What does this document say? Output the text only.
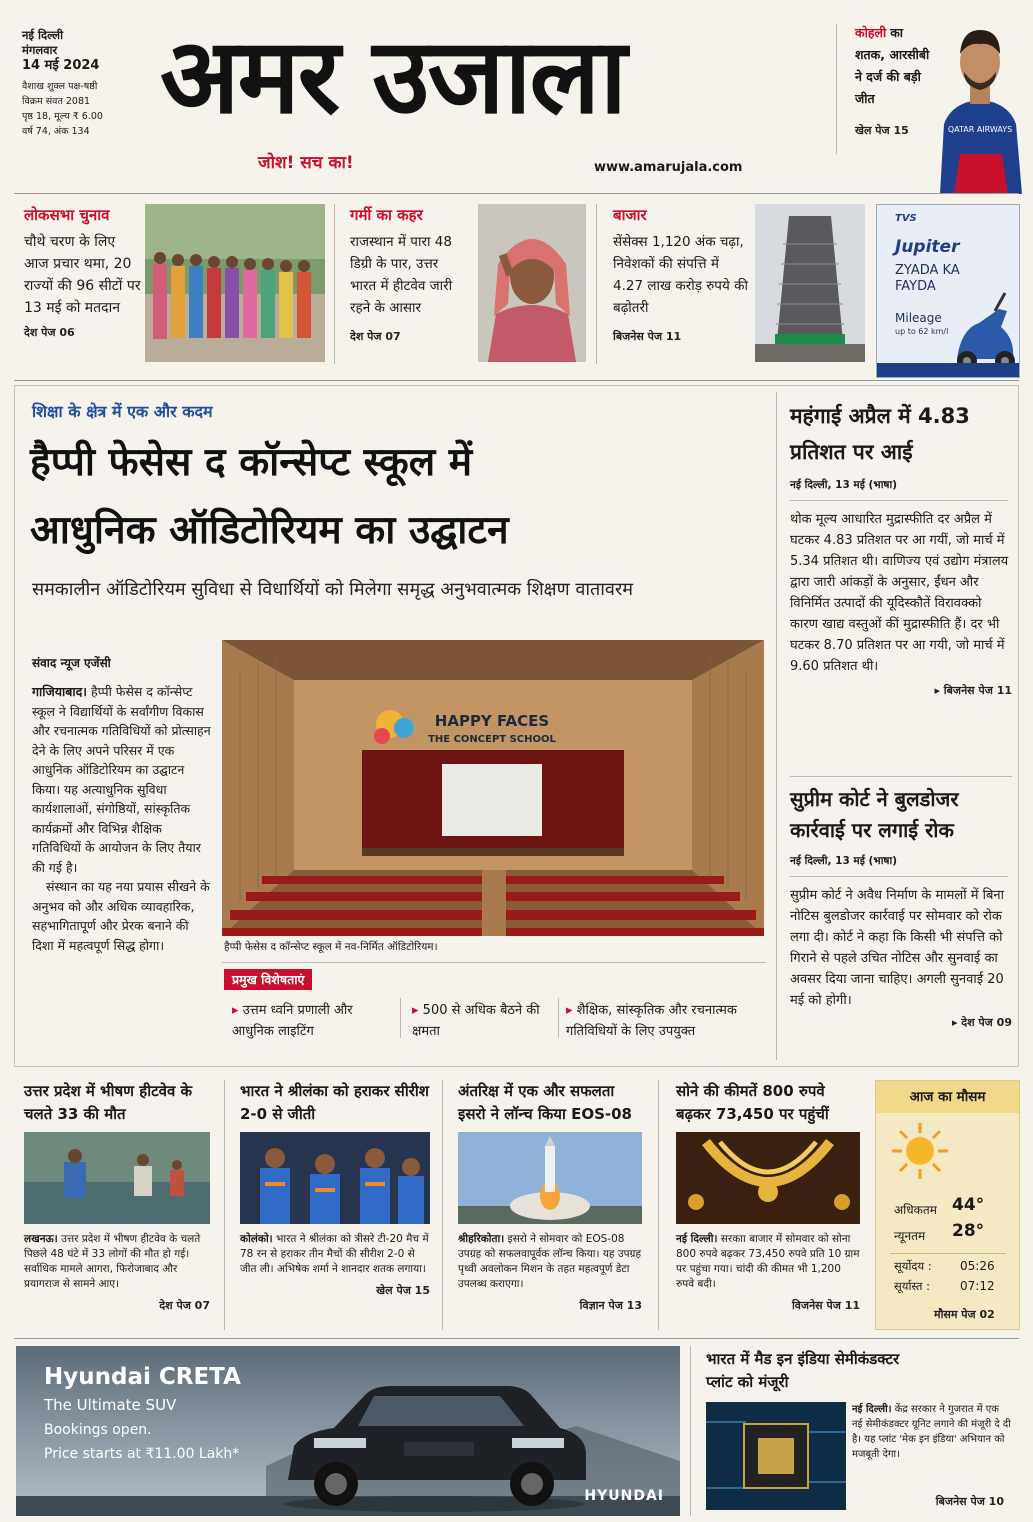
नई दिल्ली
मंगलवार
14 मई 2024
वैशाख शुक्ल पक्ष-षष्ठी
विक्रम संवत 2081
पृष्ठ 18, मूल्य ₹ 6.00
वर्ष 74, अंक 134 अमर उजाला
जोश! सच का!	www.amarujala.com
कोहली का शतक, आरसीबी ने दर्ज की बड़ी जीत
खेल पेज 15	QATAR AIRWAYS
लोकसभा चुनाव
चौथे चरण के लिए आज प्रचार थमा, 20 राज्यों की 96 सीटों पर 13 मई को मतदान
देश पेज 06
गर्मी का कहर
राजस्थान में पारा 48 डिग्री के पार, उत्तर भारत में हीटवेव जारी रहने के आसार
देश पेज 07
बाजार
सेंसेक्स 1,120 अंक चढ़ा, निवेशकों की संपत्ति में 4.27 लाख करोड़ रुपये की बढ़ोतरी
बिजनेस पेज 11
TVS
Jupiter
ZYADA KA
FAYDA
Mileage
up to 62 km/l
शिक्षा के क्षेत्र में एक और कदम
हैप्पी फेसेस द कॉन्सेप्ट स्कूल में
आधुनिक ऑडिटोरियम का उद्घाटन
समकालीन ऑडिटोरियम सुविधा से विधार्थियों को मिलेगा समृद्ध अनुभवात्मक शिक्षण वातावरम
संवाद न्यूज एजेंसी
गाजियाबाद। हैप्पी फेसेस द कॉन्सेप्ट स्कूल ने विद्यार्थियों के सर्वांगीण विकास और रचनात्मक गतिविधियों को प्रोत्साहन देने के लिए अपने परिसर में एक आधुनिक ऑडिटोरियम का उद्घाटन किया। यह अत्याधुनिक सुविधा कार्यशालाओं, संगोष्ठियों, सांस्कृतिक कार्यक्रमों और विभिन्न शैक्षिक गतिविधियों के आयोजन के लिए तैयार की गई है।
संस्थान का यह नया प्रयास सीखने के अनुभव को और अधिक व्यावहारिक, सहभागितापूर्ण और प्रेरक बनाने की दिशा में महत्वपूर्ण सिद्ध होगा।
HAPPY FACES
THE CONCEPT SCHOOL
हैप्पी फेसेस द कॉन्सेप्ट स्कूल में नव-निर्मित ऑडिटोरियम।
प्रमुख विशेषताएं
▸ उत्तम ध्वनि प्रणाली और आधुनिक लाइटिंग
▸ 500 से अधिक बैठने की क्षमता
▸ शैक्षिक, सांस्कृतिक और रचनात्मक गतिविधियों के लिए उपयुक्त
महंगाई अप्रैल में 4.83 प्रतिशत पर आई
नई दिल्ली, 13 मई (भाषा)
थोक मूल्य आधारित मुद्रास्फीति दर अप्रैल में घटकर 4.83 प्रतिशत पर आ गयीं, जो मार्च में 5.34 प्रतिशत थी। वाणिज्य एवं उद्योग मंत्रालय द्वारा जारी आंकड़ों के अनुसार, ईंधन और विनिर्मित उत्पादों की यूदिस्कौतें विरावक्को कारण खाद्य वस्तुओं कीं मुद्रास्फीति हैं। दर भी घटकर 8.70 प्रतिशत पर आ गयी, जो मार्च में 9.60 प्रतिशत थी।
▸ बिजनेस पेज 11
सुप्रीम कोर्ट ने बुलडोजर कार्रवाई पर लगाई रोक
नई दिल्ली, 13 मई (भाषा)
सुप्रीम कोर्ट ने अवैध निर्माण के मामलों में बिना नोटिस बुलडोजर कार्रवाई पर सोमवार को रोक लगा दी। कोर्ट ने कहा कि किसी भी संपत्ति को गिराने से पहले उचित नोटिस और सुनवाई का अवसर दिया जाना चाहिए। अगली सुनवाई 20 मई को होगी।
▸ देश पेज 09
उत्तर प्रदेश में भीषण हीटवेव के चलते 33 की मौत
लखनऊ। उत्तर प्रदेश में भीषण हीटवेव के चलते पिछले 48 घंटे में 33 लोगों की मौत हो गई। सर्वाधिक मामले आगरा, फिरोजाबाद और प्रयागराज से सामने आए।
देश पेज 07
भारत ने श्रीलंका को हराकर सीरीश 2-0 से जीती
कोलंको। भारत ने श्रीलंका को त्रीसरे टी-20 मैच में 78 रन से हराकर तीन मैचों की सीरीश 2-0 से जीत ली। अभिषेक शर्मा ने शानदार शतक लगाया।
खेल पेज 15
अंतरिक्ष में एक और सफलता इसरो ने लॉन्च किया EOS-08
श्रीहरिकोता। इसरो ने सोमवार को EOS-08 उपग्रह को सफलवापूर्वक लॉन्च किया। यह उपग्रह पृथ्वी अवलोकन मिशन के तहत महत्वपूर्ण डेटा उपलब्ध कराएगा।
विज्ञान पेज 13
सोने की कीमतें 800 रुपवे बढ़कर 73,450 पर पहुंचीं
नई दिल्ली। सरकाा बाजार में सोमवार को सोना 800 रुपवे बढ़कर 73,450 रुपवे प्रति 10 ग्राम पर पहुंचा गया। चांदी की कीमत भी 1,200 रुपवे बदी।
विजनेस पेज 11
आज का मौसम
अधिकतम 44°
न्यूनतम 28°
सूर्योदय : 05:26
सूर्यास्त :	07:12
मौसम पेज 02
Hyundai CRETA
The Ultimate SUV
Bookings open.
Price starts at ₹11.00 Lakh*
HYUNDAI
भारत में मैड इन इंडिया सेमीकंडक्टर प्लांट को मंजूरी
नई दिल्ली। केंद्र सरकार ने गुजरात में एक नई सेमीकंडक्टर यूनिट लगाने की मंजूरी दे दी है। यह प्लांट 'मेक इन इंडिया' अभियान को मजबूती देगा।
बिजनेस पेज 10
